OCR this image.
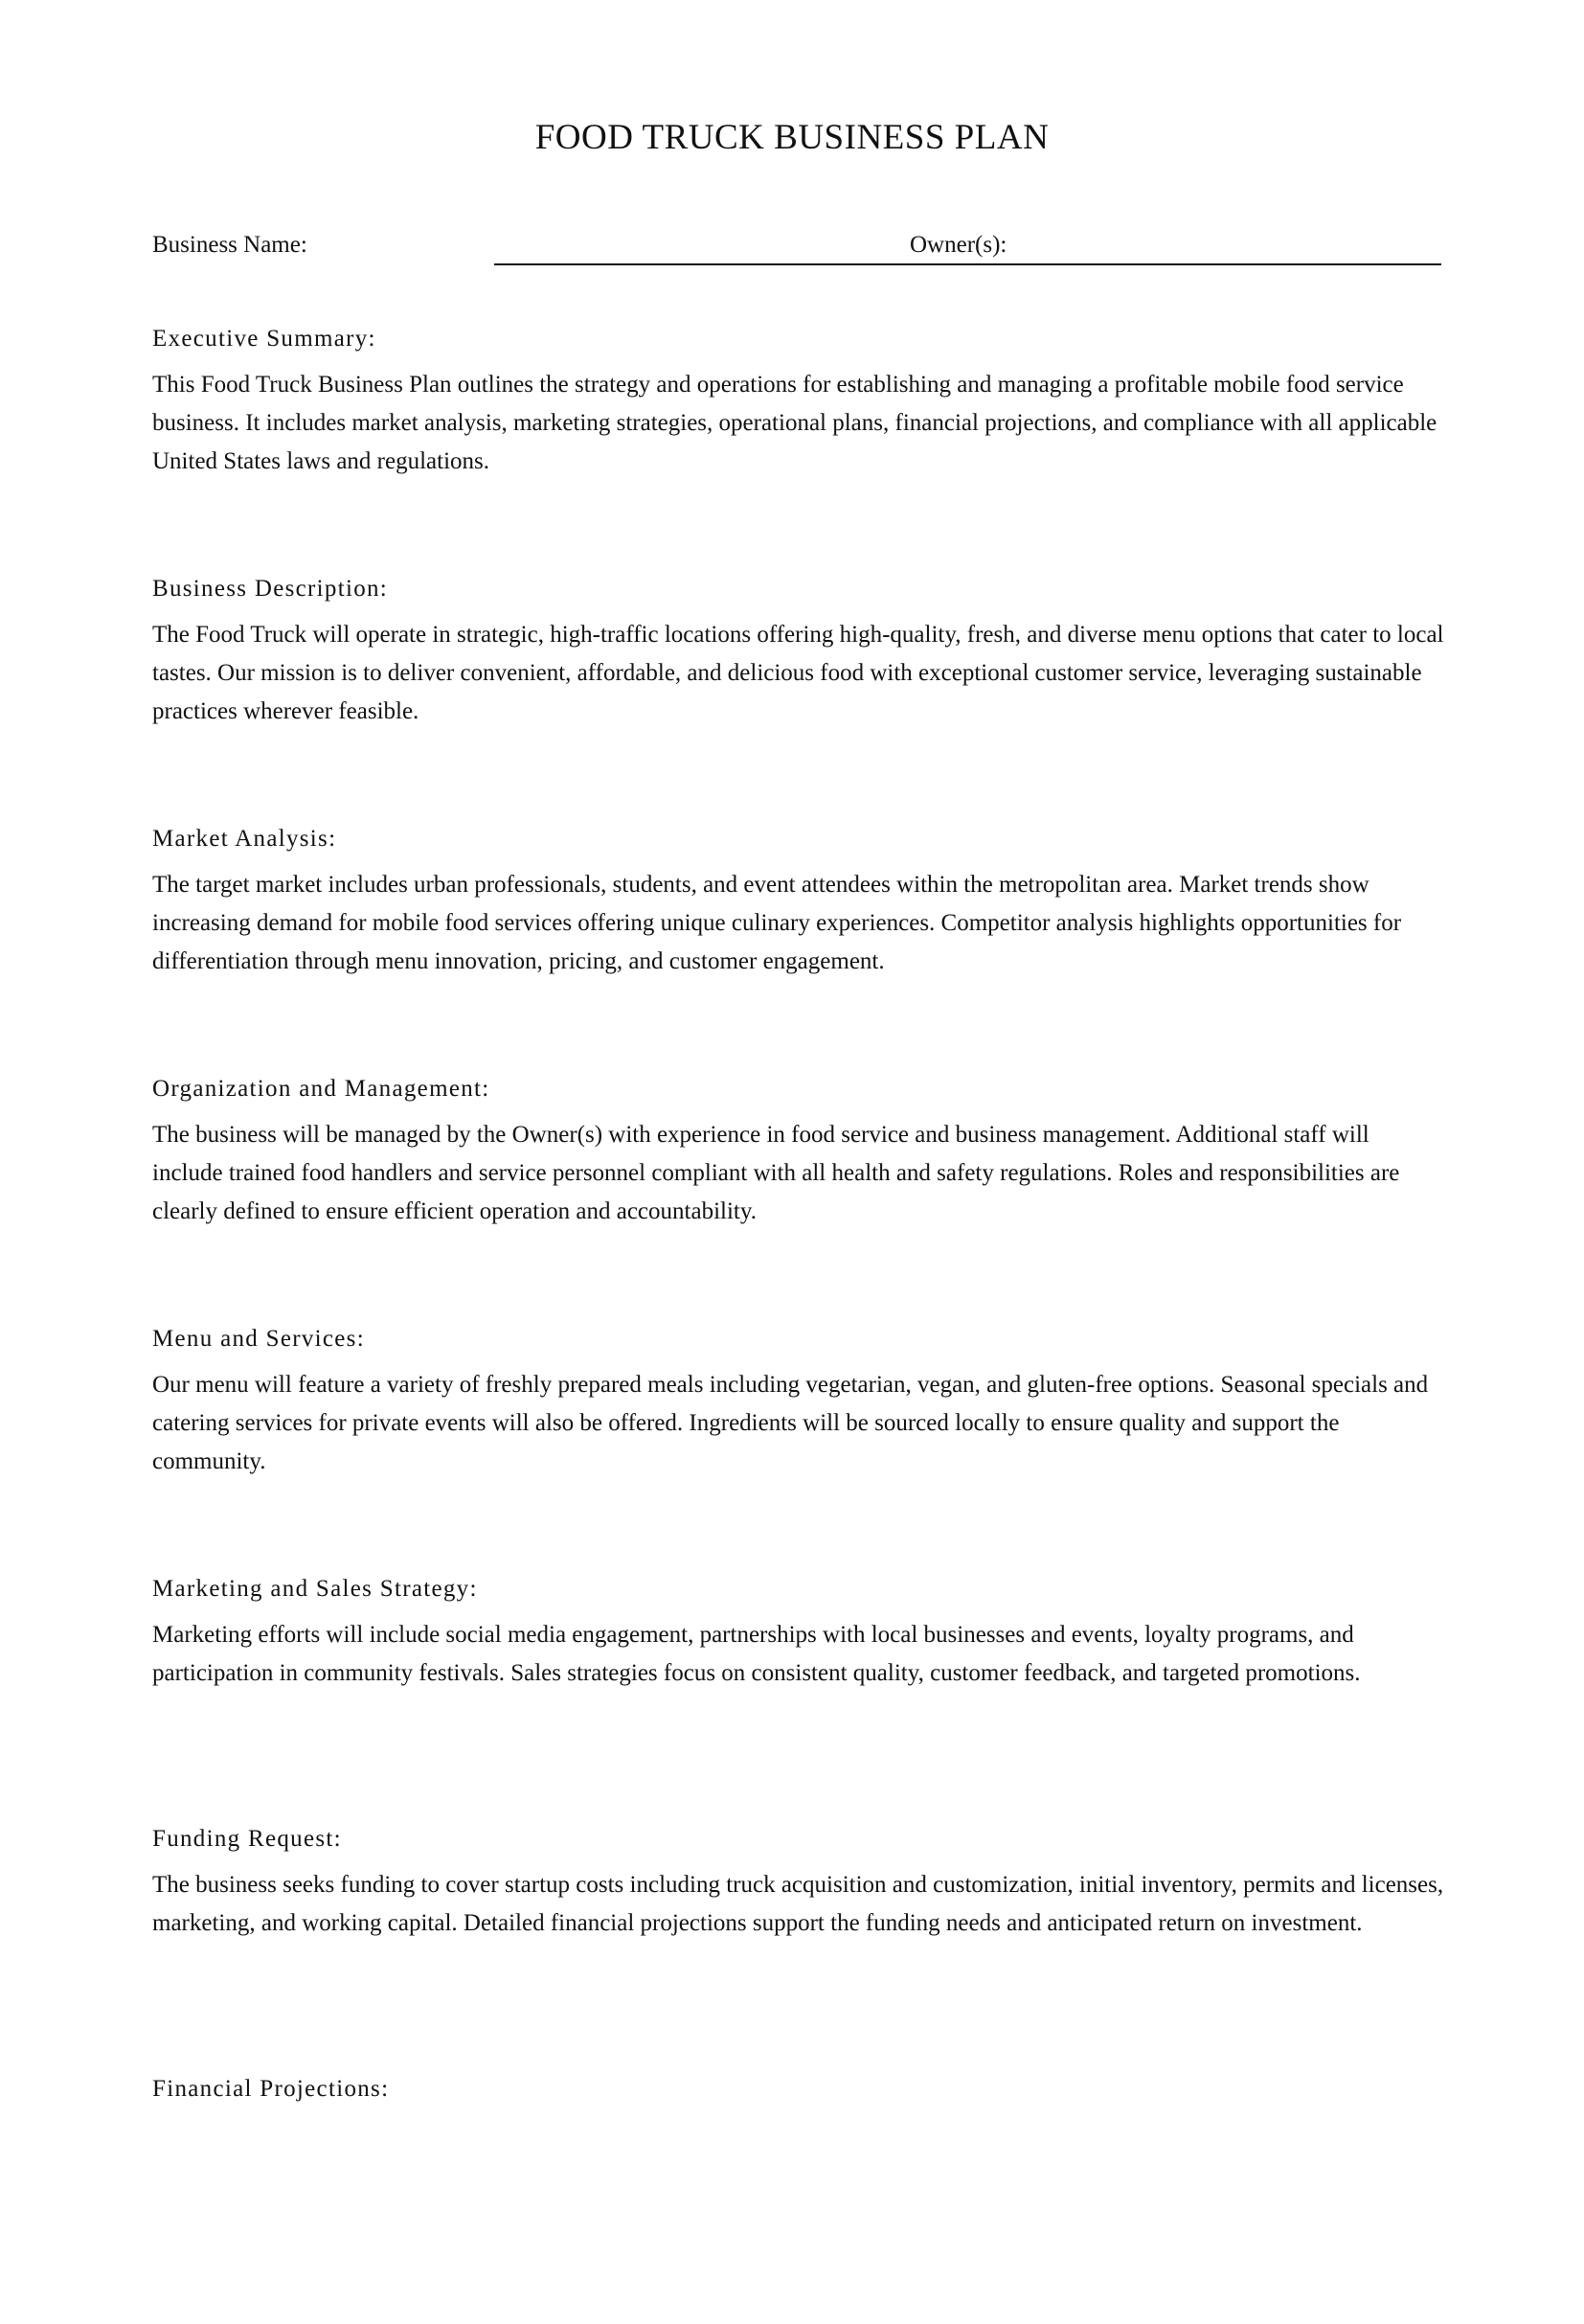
FOOD TRUCK BUSINESS PLAN
Business Name:	Owner(s):
Executive Summary:

This Food Truck Business Plan outlines the strategy and operations for establishing and managing a profitable mobile food service business. It includes market analysis, marketing strategies, operational plans, financial projections, and compliance with all applicable United States laws and regulations.

Business Description:

The Food Truck will operate in strategic, high-traffic locations offering high-quality, fresh, and diverse menu options that cater to local tastes. Our mission is to deliver convenient, affordable, and delicious food with exceptional customer service, leveraging sustainable practices wherever feasible.

Market Analysis:

The target market includes urban professionals, students, and event attendees within the metropolitan area. Market trends show increasing demand for mobile food services offering unique culinary experiences. Competitor analysis highlights opportunities for differentiation through menu innovation, pricing, and customer engagement.

Organization and Management:

The business will be managed by the Owner(s) with experience in food service and business management. Additional staff will include trained food handlers and service personnel compliant with all health and safety regulations. Roles and responsibilities are clearly defined to ensure efficient operation and accountability.

Menu and Services:

Our menu will feature a variety of freshly prepared meals including vegetarian, vegan, and gluten-free options. Seasonal specials and catering services for private events will also be offered. Ingredients will be sourced locally to ensure quality and support the community.

Marketing and Sales Strategy:

Marketing efforts will include social media engagement, partnerships with local businesses and events, loyalty programs, and participation in community festivals. Sales strategies focus on consistent quality, customer feedback, and targeted promotions.

Funding Request:

The business seeks funding to cover startup costs including truck acquisition and customization, initial inventory, permits and licenses, marketing, and working capital. Detailed financial projections support the funding needs and anticipated return on investment.

Financial Projections:
